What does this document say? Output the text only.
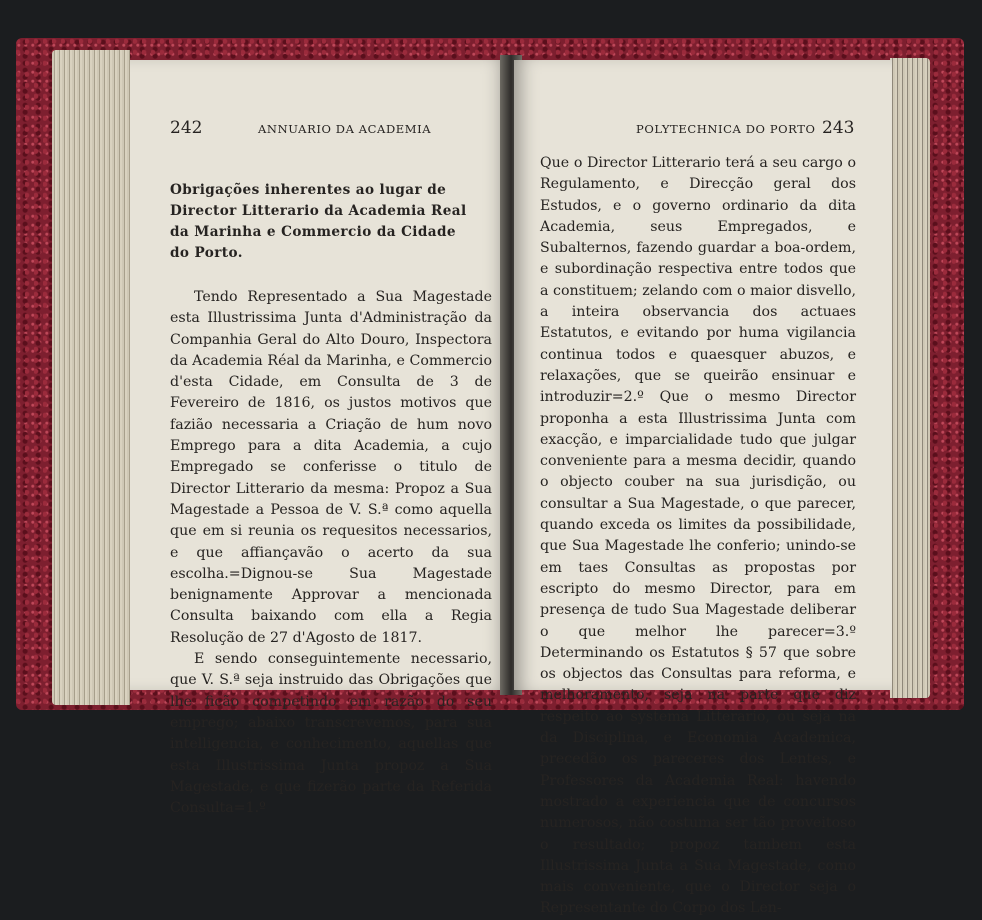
242	ANNUARIO DA ACADEMIA
Obrigações inherentes ao lugar de Director Litterario da Academia Real da Marinha e Commercio da Cidade do Porto.

Tendo Representado a Sua Magestade esta Illustrissima Junta d'Administração da Companhia Geral do Alto Douro, Inspectora da Academia Réal da Marinha, e Commercio d'esta Cidade, em Consulta de 3 de Fevereiro de 1816, os justos motivos que fazião necessaria a Criação de hum novo Emprego para a dita Academia, a cujo Empregado se conferisse o titulo de Director Litterario da mesma: Propoz a Sua Magestade a Pessoa de V. S.ª como aquella que em si reunia os requesitos necessarios, e que affiançavão o acerto da sua escolha.=Dignou-se Sua Magestade benignamente Approvar a mencionada Consulta baixando com ella a Regia Resolução de 27 d'Agosto de 1817.

E sendo conseguintemente necessario, que V. S.ª seja instruido das Obrigações que lhe ficão competindo em razão do seu emprego; abaixo transcrevemos, para sua intelligencia, e conhecimento, aquellas que esta Illustrissima Junta propoz a Sua Magestade, e que fizerão parte da Referida Consulta=1.º

POLYTECHNICA DO PORTO 243

Que o Director Litterario terá a seu cargo o Regulamento, e Direcção geral dos Estudos, e o governo ordinario da dita Academia, seus Empregados, e Subalternos, fazendo guardar a boa-ordem, e subordinação respectiva entre todos que a constituem; zelando com o maior disvello, a inteira observancia dos actuaes Estatutos, e evitando por huma vigilancia continua todos e quaesquer abuzos, e relaxações, que se queirão ensinuar e introduzir=2.º Que o mesmo Director proponha a esta Illustrissima Junta com exacção, e imparcialidade tudo que julgar conveniente para a mesma decidir, quando o objecto couber na sua jurisdição, ou consultar a Sua Magestade, o que parecer, quando exceda os limites da possibilidade, que Sua Magestade lhe conferio; unindo-se em taes Consultas as propostas por escripto do mesmo Director, para em presença de tudo Sua Magestade deliberar o que melhor lhe parecer=3.º Determinando os Estatutos § 57 que sobre os objectos das Consultas para reforma, e melhoramento, seja na parte que diz respeito ao systema Litterario, ou seja na da Disciplina, e Economia Academica, precedão os pareceres dos Lentes, e Professores da Academia Real: havendo mostrado a experiencia que de concursos numerosos, não costuma ser tão proveitoso o resultado; propoz tambem esta Illustrissima Junta a Sua Magestade, como mais conveniente, que o Director seja o Representante do Corpo dos Len-
